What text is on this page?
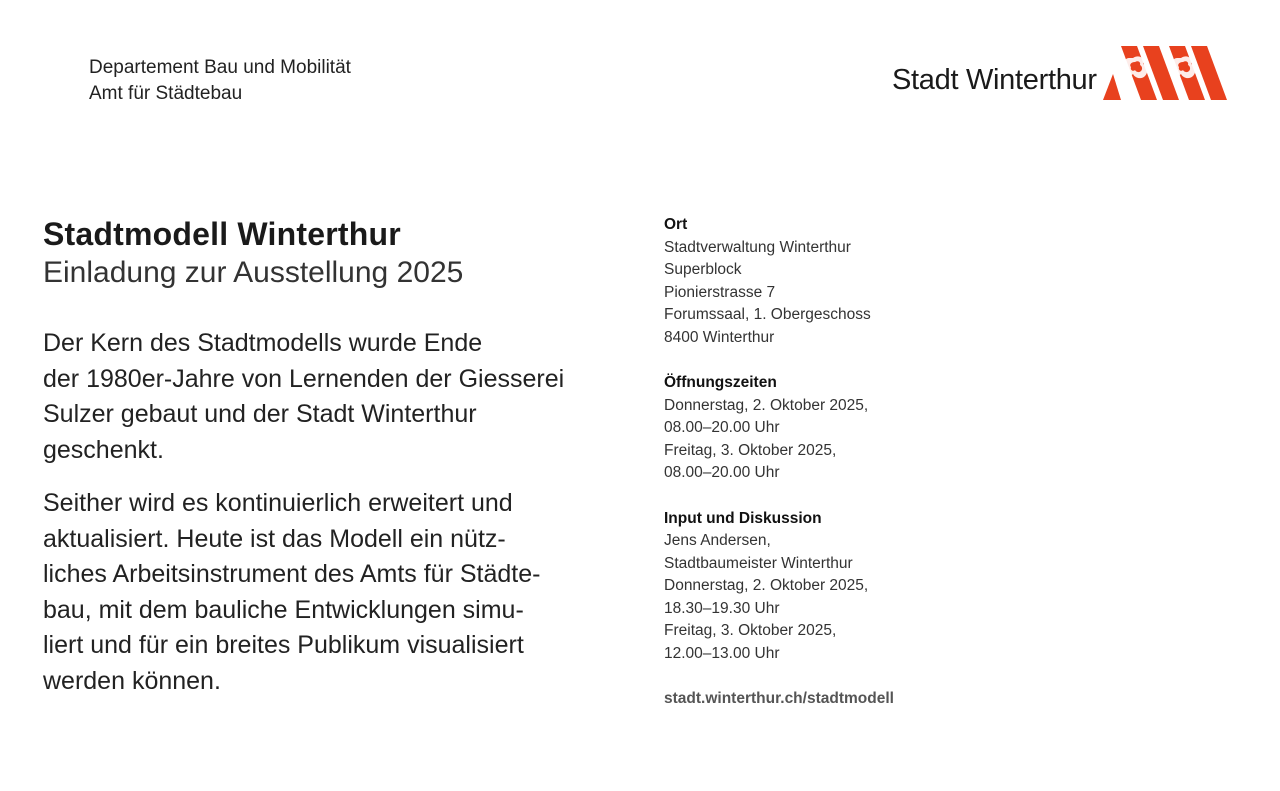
Departement Bau und Mobilität
Amt für Städtebau	Stadt Winterthur
Stadtmodell Winterthur
Einladung zur Ausstellung 2025
Der Kern des Stadtmodells wurde Ende
der 1980er-Jahre von Lernenden der Giesserei
Sulzer gebaut und der Stadt Winterthur
geschenkt.
Seither wird es kontinuierlich erweitert und
aktualisiert. Heute ist das Modell ein nütz-
liches Arbeitsinstrument des Amts für Städte-
bau, mit dem bauliche Entwicklungen simu-
liert und für ein breites Publikum visualisiert
werden können.
Ort
Stadtverwaltung Winterthur
Superblock
Pionierstrasse 7
Forumssaal, 1. Obergeschoss
8400 Winterthur
Öffnungszeiten
Donnerstag, 2. Oktober 2025,
08.00–20.00 Uhr
Freitag, 3. Oktober 2025,
08.00–20.00 Uhr
Input und Diskussion
Jens Andersen,
Stadtbaumeister Winterthur
Donnerstag, 2. Oktober 2025,
18.30–19.30 Uhr
Freitag, 3. Oktober 2025,
12.00–13.00 Uhr
stadt.winterthur.ch/stadtmodell
